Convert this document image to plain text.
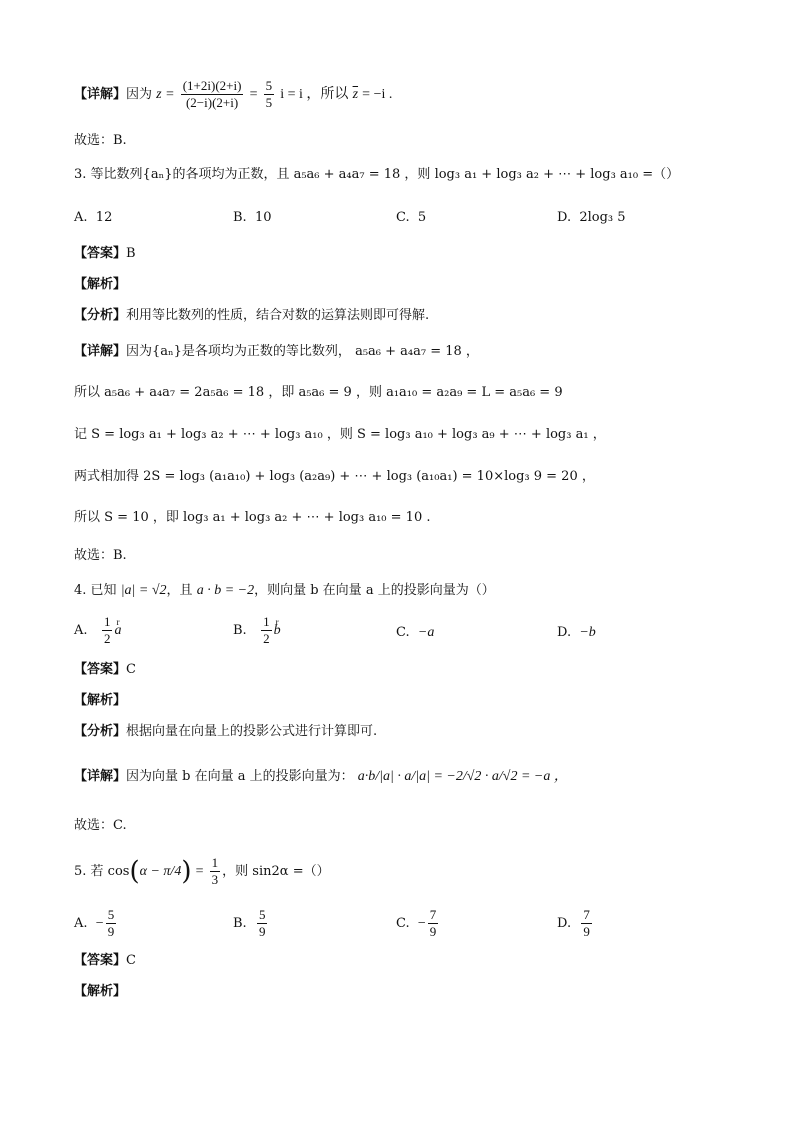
【详解】因为 $z = \frac{(1+2i)(2+i)}{(2-i)(2+i)} = \frac{5}{5}$ i = i ，所以 $\overline{z} = -i$ .
故选：B.
3. 等比数列{aₙ}的各项均为正数，且 a₅a₆ + a₄a₇ = 18 ，则 log₃ a₁ + log₃ a₂ + ⋯ + log₃ a₁₀ =（）
A. 12	B. 10	C. 5	D. 2log₃ 5
【答案】B
【解析】
【分析】利用等比数列的性质，结合对数的运算法则即可得解.
【详解】因为{aₙ}是各项均为正数的等比数列， a₅a₆ + a₄a₇ = 18 ，
所以 a₅a₆ + a₄a₇ = 2a₅a₆ = 18 ，即 a₅a₆ = 9 ，则 a₁a₁₀ = a₂a₉ = L = a₅a₆ = 9
记 S = log₃ a₁ + log₃ a₂ + ⋯ + log₃ a₁₀ ，则 S = log₃ a₁₀ + log₃ a₉ + ⋯ + log₃ a₁ ，
两式相加得 2S = log₃ (a₁a₁₀) + log₃ (a₂a₉) + ⋯ + log₃ (a₁₀a₁) = 10×log₃ 9 = 20 ，
所以 S = 10 ，即 log₃ a₁ + log₃ a₂ + ⋯ + log₃ a₁₀ = 10 .
故选：B.
4. 已知 |a| = √2，且 a · b = −2，则向量 b 在向量 a 上的投影向量为（）
A. $\frac{1}{2}$ r a	B. $\frac{1}{2}$ r b	C. −a	D. −b
【答案】C
【解析】
【分析】根据向量在向量上的投影公式进行计算即可.
【详解】因为向量 b 在向量 a 上的投影向量为： a·b/|a| · a/|a| = −2/√2 · a/√2 = −a ，
故选：C.
5. 若 $\cos(\alpha - \pi/4) = \frac{1}{3}$ ，则 sin2α =（）
A. − $\frac{5}{9}$	B. $\frac{5}{9}$	C. − $\frac{7}{9}$	D. $\frac{7}{9}$
【答案】C
【解析】
